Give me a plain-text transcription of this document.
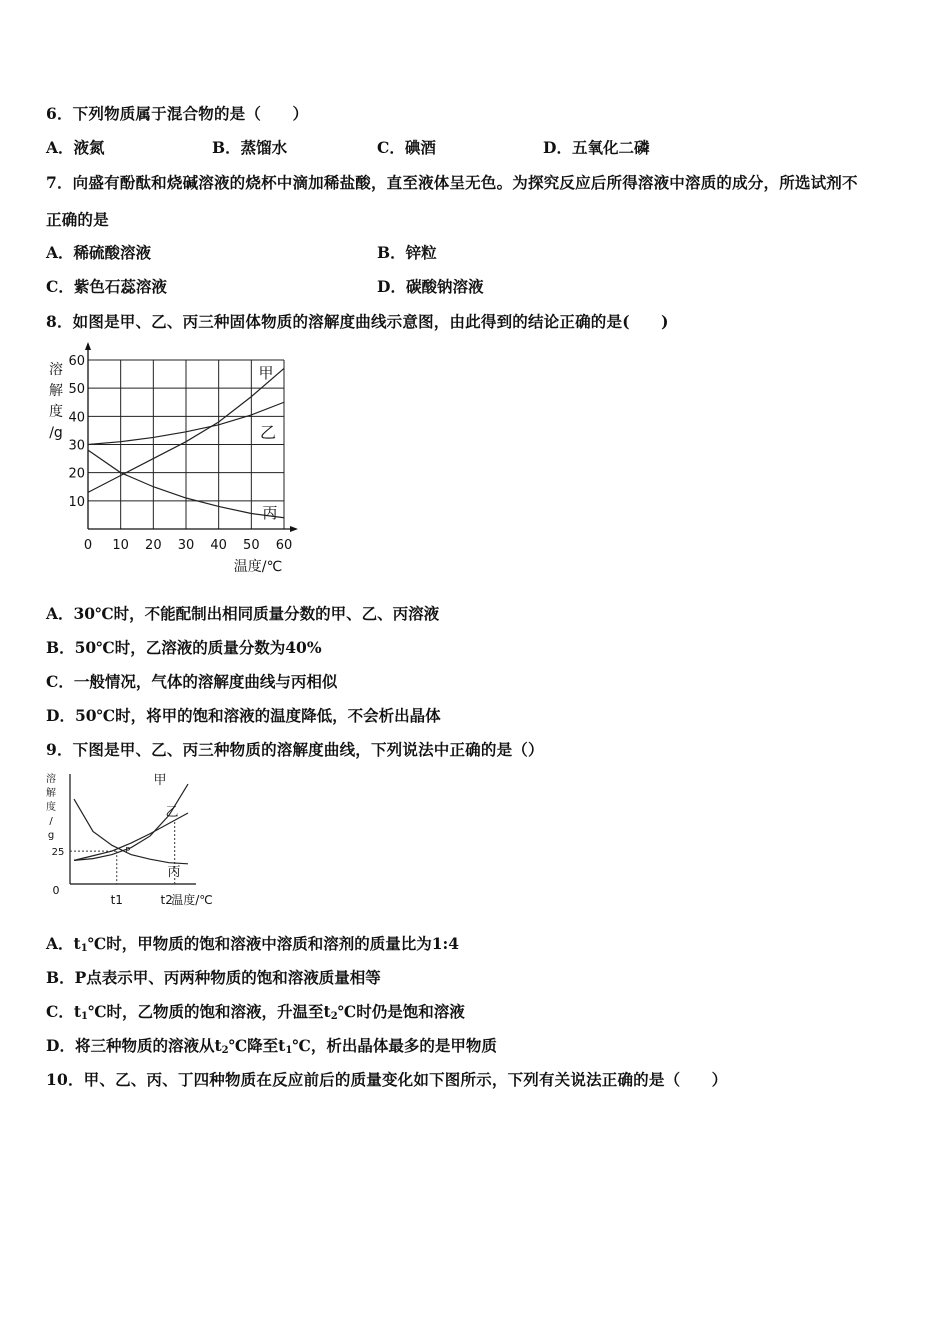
6．下列物质属于混合物的是（　　）
A．液氮	B．蒸馏水	C．碘酒	D．五氧化二磷
7．向盛有酚酞和烧碱溶液的烧杯中滴加稀盐酸，直至液体呈无色。为探究反应后所得溶液中溶质的成分，所选试剂不
正确的是
A．稀硫酸溶液	B．锌粒
C．紫色石蕊溶液	D．碳酸钠溶液
8．如图是甲、乙、丙三种固体物质的溶解度曲线示意图，由此得到的结论正确的是(　　)
0 10 20 30 40 50 60
10
20
30
40
50
60
溶
解
度
/g
温度/℃
甲
乙
丙
A．30℃时，不能配制出相同质量分数的甲、乙、丙溶液
B．50℃时，乙溶液的质量分数为40%
C．一般情况，气体的溶解度曲线与丙相似
D．50℃时，将甲的饱和溶液的温度降低，不会析出晶体
9．下图是甲、乙、丙三种物质的溶解度曲线，下列说法中正确的是（）
溶
解
度
/
g
25
0
t1	t2
温度/℃
P
甲
乙
丙
A．$t_1℃$时，甲物质的饱和溶液中溶质和溶剂的质量比为1:4
B．P点表示甲、丙两种物质的饱和溶液质量相等
C．$t_1℃$时，乙物质的饱和溶液，升温至$t_2℃$时仍是饱和溶液
D．将三种物质的溶液从$t_2℃$降至$t_1℃$，析出晶体最多的是甲物质
10．甲、乙、丙、丁四种物质在反应前后的质量变化如下图所示，下列有关说法正确的是（　　）
